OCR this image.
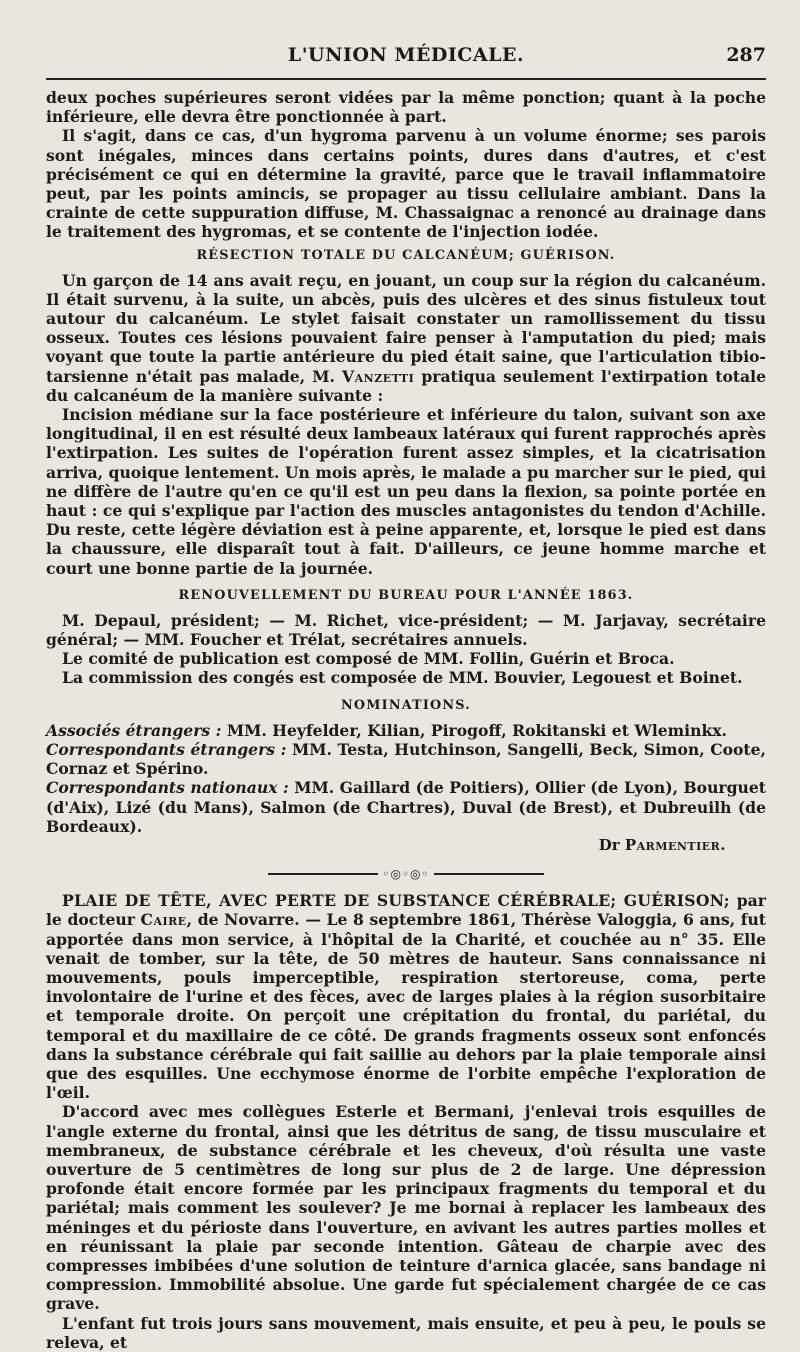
L'UNION MÉDICALE.	287

deux poches supérieures seront vidées par la même ponction; quant à la poche inférieure, elle devra être ponctionnée à part.

Il s'agit, dans ce cas, d'un hygroma parvenu à un volume énorme; ses parois sont inégales, minces dans certains points, dures dans d'autres, et c'est précisément ce qui en détermine la gravité, parce que le travail inflammatoire peut, par les points amincis, se propager au tissu cellulaire ambiant. Dans la crainte de cette suppuration diffuse, M. Chassaignac a renoncé au drainage dans le traitement des hygromas, et se contente de l'injection iodée.

RÉSECTION TOTALE DU CALCANÉUM; GUÉRISON.

Un garçon de 14 ans avait reçu, en jouant, un coup sur la région du calcanéum. Il était survenu, à la suite, un abcès, puis des ulcères et des sinus fistuleux tout autour du calcanéum. Le stylet faisait constater un ramollissement du tissu osseux. Toutes ces lésions pouvaient faire penser à l'amputation du pied; mais voyant que toute la partie antérieure du pied était saine, que l'articulation tibio-tarsienne n'était pas malade, M. Vanzetti pratiqua seulement l'extirpation totale du calcanéum de la manière suivante :

Incision médiane sur la face postérieure et inférieure du talon, suivant son axe longitudinal, il en est résulté deux lambeaux latéraux qui furent rapprochés après l'extirpation. Les suites de l'opération furent assez simples, et la cicatrisation arriva, quoique lentement. Un mois après, le malade a pu marcher sur le pied, qui ne diffère de l'autre qu'en ce qu'il est un peu dans la flexion, sa pointe portée en haut : ce qui s'explique par l'action des muscles antagonistes du tendon d'Achille. Du reste, cette légère déviation est à peine apparente, et, lorsque le pied est dans la chaussure, elle disparaît tout à fait. D'ailleurs, ce jeune homme marche et court une bonne partie de la journée.

RENOUVELLEMENT DU BUREAU POUR L'ANNÉE 1863.

M. Depaul, président; — M. Richet, vice-président; — M. Jarjavay, secrétaire général; — MM. Foucher et Trélat, secrétaires annuels.

Le comité de publication est composé de MM. Follin, Guérin et Broca.

La commission des congés est composée de MM. Bouvier, Legouest et Boinet.

NOMINATIONS.

Associés étrangers : MM. Heyfelder, Kilian, Pirogoff, Rokitanski et Wleminkx.

Correspondants étrangers : MM. Testa, Hutchinson, Sangelli, Beck, Simon, Coote, Cornaz et Spérino.

Correspondants nationaux : MM. Gaillard (de Poitiers), Ollier (de Lyon), Bourguet (d'Aix), Lizé (du Mans), Salmon (de Chartres), Duval (de Brest), et Dubreuilh (de Bordeaux).

Dr Parmentier.

◦◎◦◎◦

PLAIE DE TÊTE, AVEC PERTE DE SUBSTANCE CÉRÉBRALE; GUÉRISON; par le docteur Caire, de Novarre. — Le 8 septembre 1861, Thérèse Valoggia, 6 ans, fut apportée dans mon service, à l'hôpital de la Charité, et couchée au n° 35. Elle venait de tomber, sur la tête, de 50 mètres de hauteur. Sans connaissance ni mouvements, pouls imperceptible, respiration stertoreuse, coma, perte involontaire de l'urine et des fèces, avec de larges plaies à la région susorbitaire et temporale droite. On perçoit une crépitation du frontal, du pariétal, du temporal et du maxillaire de ce côté. De grands fragments osseux sont enfoncés dans la substance cérébrale qui fait saillie au dehors par la plaie temporale ainsi que des esquilles. Une ecchymose énorme de l'orbite empêche l'exploration de l'œil.

D'accord avec mes collègues Esterle et Bermani, j'enlevai trois esquilles de l'angle externe du frontal, ainsi que les détritus de sang, de tissu musculaire et membraneux, de substance cérébrale et les cheveux, d'où résulta une vaste ouverture de 5 centimètres de long sur plus de 2 de large. Une dépression profonde était encore formée par les principaux fragments du temporal et du pariétal; mais comment les soulever? Je me bornai à replacer les lambeaux des méninges et du périoste dans l'ouverture, en avivant les autres parties molles et en réunissant la plaie par seconde intention. Gâteau de charpie avec des compresses imbibées d'une solution de teinture d'arnica glacée, sans bandage ni compression. Immobilité absolue. Une garde fut spécialement chargée de ce cas grave.

L'enfant fut trois jours sans mouvement, mais ensuite, et peu à peu, le pouls se releva, et
